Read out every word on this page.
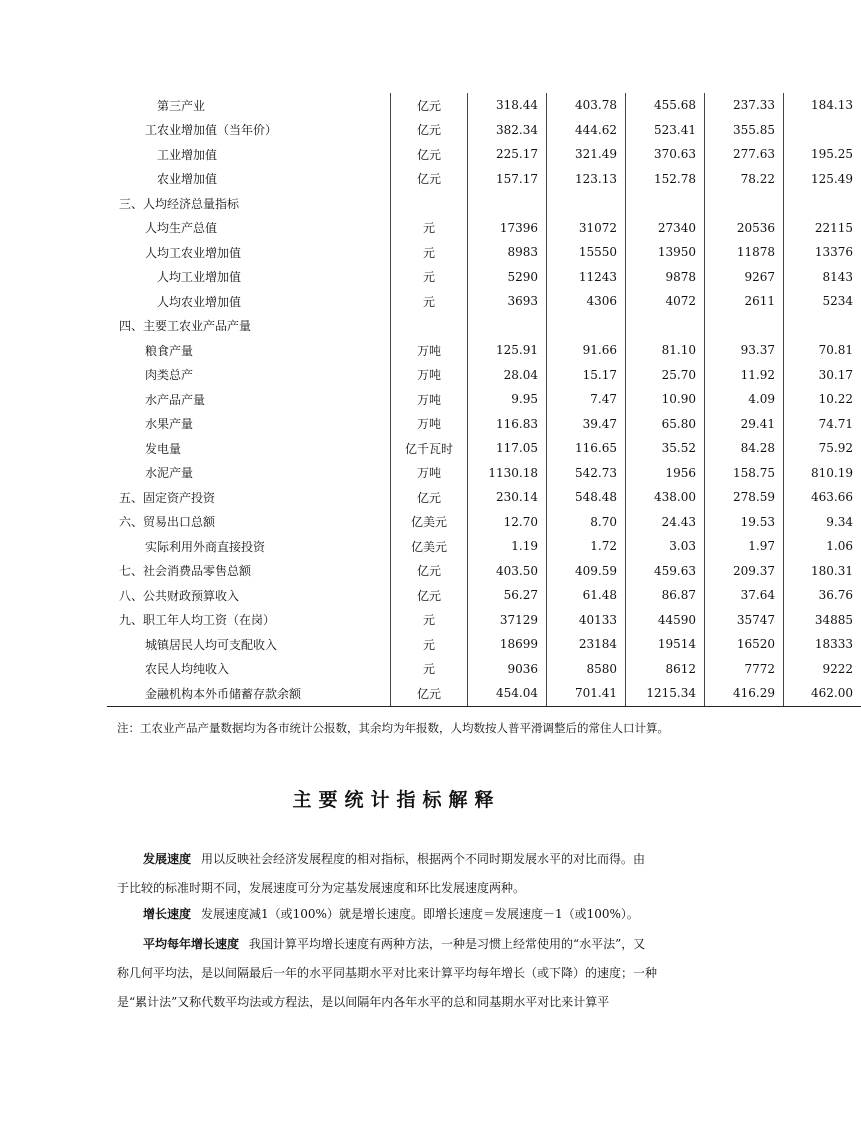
第三产业	亿元	318.44	403.78	455.68	237.33	184.13
工农业增加值（当年价）	亿元	382.34	444.62	523.41	355.85	
工业增加值	亿元	225.17	321.49	370.63	277.63	195.25
农业增加值	亿元	157.17	123.13	152.78	78.22	125.49
三、人均经济总量指标						
人均生产总值	元	17396	31072	27340	20536	22115
人均工农业增加值	元	8983	15550	13950	11878	13376
人均工业增加值	元	5290	11243	9878	9267	8143
人均农业增加值	元	3693	4306	4072	2611	5234
四、主要工农业产品产量						
粮食产量	万吨	125.91	91.66	81.10	93.37	70.81
肉类总产	万吨	28.04	15.17	25.70	11.92	30.17
水产品产量	万吨	9.95	7.47	10.90	4.09	10.22
水果产量	万吨	116.83	39.47	65.80	29.41	74.71
发电量	亿千瓦时	117.05	116.65	35.52	84.28	75.92
水泥产量	万吨	1130.18	542.73	1956	158.75	810.19
五、固定资产投资	亿元	230.14	548.48	438.00	278.59	463.66
六、贸易出口总额	亿美元	12.70	8.70	24.43	19.53	9.34
实际利用外商直接投资	亿美元	1.19	1.72	3.03	1.97	1.06
七、社会消费品零售总额	亿元	403.50	409.59	459.63	209.37	180.31
八、公共财政预算收入	亿元	56.27	61.48	86.87	37.64	36.76
九、职工年人均工资（在岗）	元	37129	40133	44590	35747	34885
城镇居民人均可支配收入	元	18699	23184	19514	16520	18333
农民人均纯收入	元	9036	8580	8612	7772	9222
金融机构本外币储蓄存款余额	亿元	454.04	701.41	1215.34	416.29	462.00

注：工农业产品产量数据均为各市统计公报数，其余均为年报数，人均数按人普平滑调整后的常住人口计算。

主要统计指标解释

发展速度 用以反映社会经济发展程度的相对指标，根据两个不同时期发展水平的对比而得。由于比较的标准时期不同，发展速度可分为定基发展速度和环比发展速度两种。

增长速度 发展速度减1（或100%）就是增长速度。即增长速度＝发展速度－1（或100%）。

平均每年增长速度 我国计算平均增长速度有两种方法，一种是习惯上经常使用的“水平法”，又称几何平均法，是以间隔最后一年的水平同基期水平对比来计算平均每年增长（或下降）的速度；一种是“累计法”又称代数平均法或方程法，是以间隔年内各年水平的总和同基期水平对比来计算平
